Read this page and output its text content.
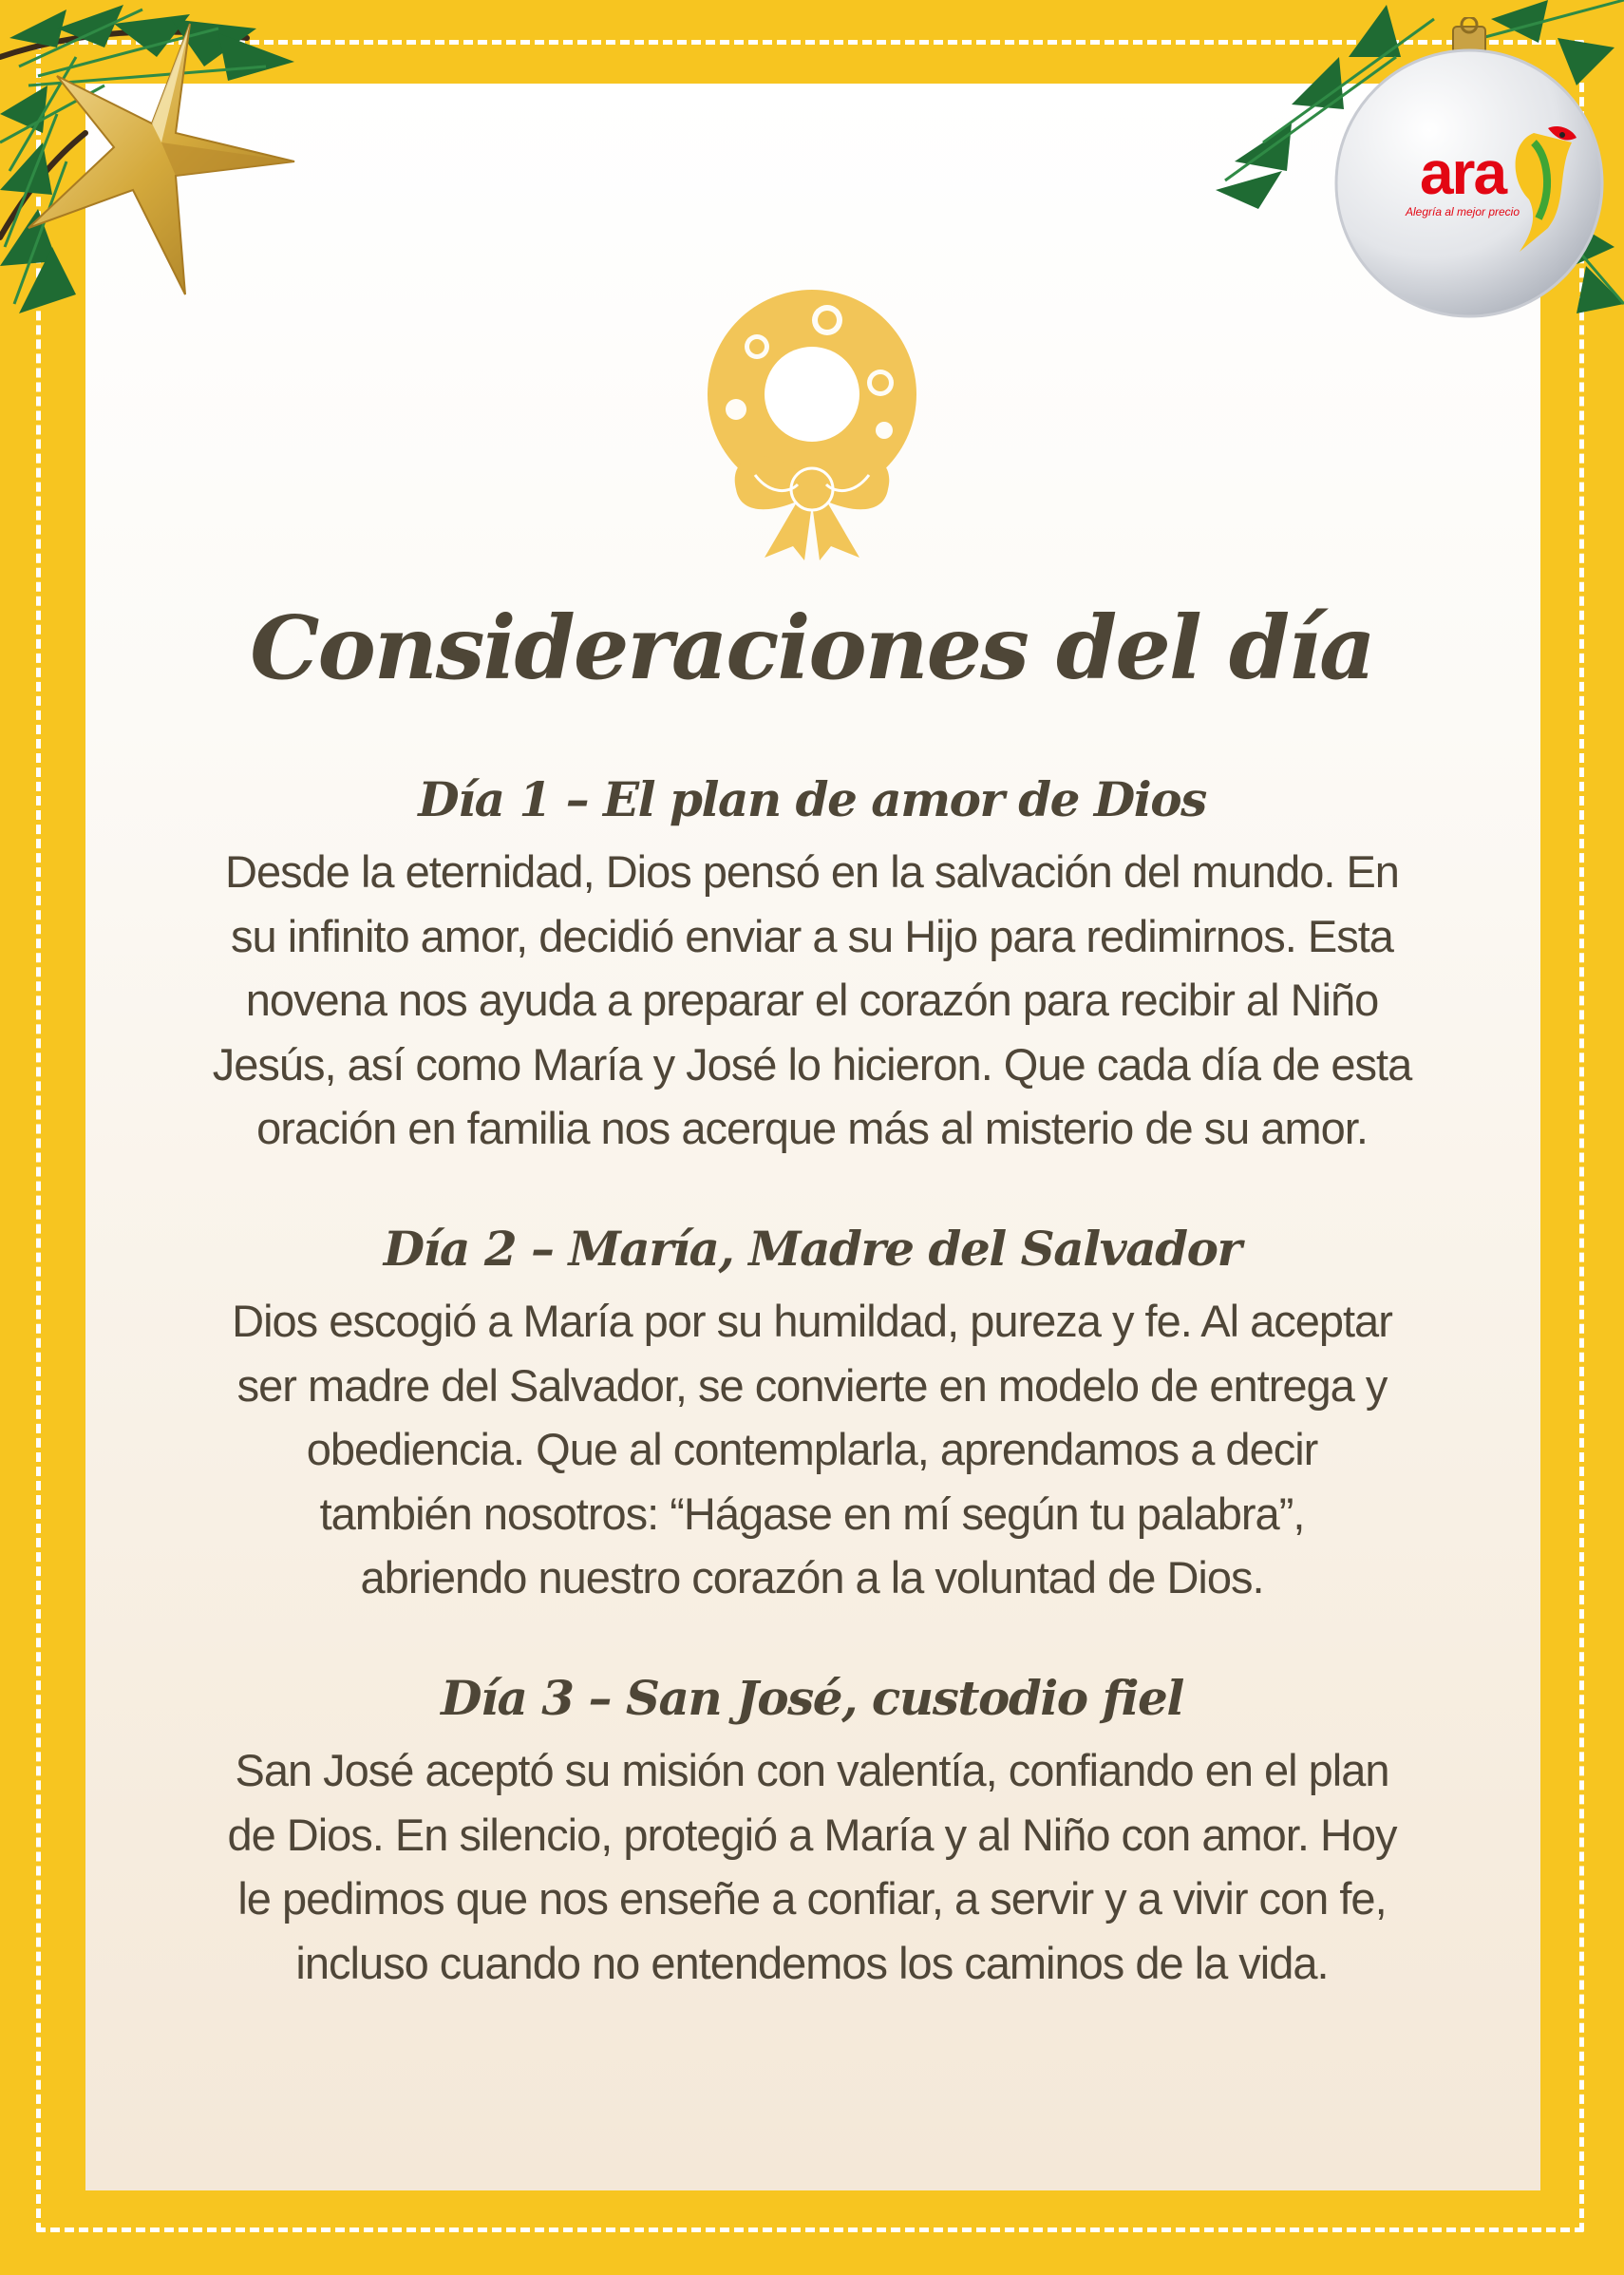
ara
Alegría al mejor precio
Consideraciones del día
Día 1 – El plan de amor de Dios
Desde la eternidad, Dios pensó en la salvación del mundo. En
su infinito amor, decidió enviar a su Hijo para redimirnos. Esta
novena nos ayuda a preparar el corazón para recibir al Niño
Jesús, así como María y José lo hicieron. Que cada día de esta
oración en familia nos acerque más al misterio de su amor.
Día 2 – María, Madre del Salvador
Dios escogió a María por su humildad, pureza y fe. Al aceptar
ser madre del Salvador, se convierte en modelo de entrega y
obediencia. Que al contemplarla, aprendamos a decir
también nosotros: “Hágase en mí según tu palabra”,
abriendo nuestro corazón a la voluntad de Dios.
Día 3 – San José, custodio fiel
San José aceptó su misión con valentía, confiando en el plan
de Dios. En silencio, protegió a María y al Niño con amor. Hoy
le pedimos que nos enseñe a confiar, a servir y a vivir con fe,
incluso cuando no entendemos los caminos de la vida.
